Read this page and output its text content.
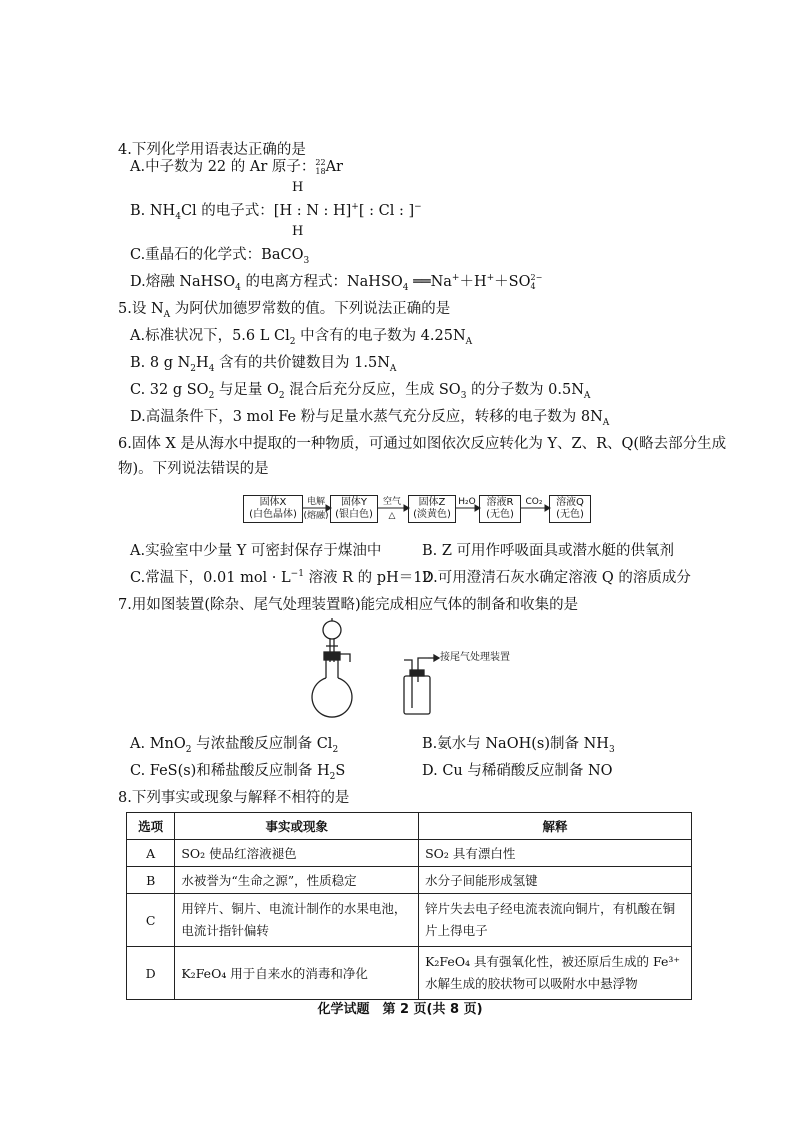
4.下列化学用语表达正确的是
A.中子数为 22 的 Ar 原子：22
18Ar
H
B. $NH_4Cl$ 的电子式：[H : N : H]+[ : Cl : ]−
H
C.重晶石的化学式：BaCO$_3$
D.熔融 NaHSO$_4$ 的电离方程式：NaHSO$_4$ ══Na+＋H+＋SO2−
4
5.设 $N_A$ 为阿伏加德罗常数的值。下列说法正确的是
A.标准状况下，5.6 L $Cl_2$ 中含有的电子数为 $4.25N_A$
B. 8 g $N_2H_4$ 含有的共价键数目为 $1.5N_A$
C. 32 g $SO_2$ 与足量 $O_2$ 混合后充分反应，生成 $SO_3$ 的分子数为 $0.5N_A$
D.高温条件下，3 mol Fe 粉与足量水蒸气充分反应，转移的电子数为 $8N_A$
6.固体 X 是从海水中提取的一种物质，可通过如图依次反应转化为 Y、Z、R、Q(略去部分生成
物)。下列说法错误的是
固体X
(白色晶体)
固体Y
(银白色)
固体Z
(淡黄色)
溶液R
(无色)
溶液Q
(无色)
电解
(熔融)
空气
△
H₂O	CO₂
A.实验室中少量 Y 可密封保存于煤油中	B. Z 可用作呼吸面具或潜水艇的供氧剂
C.常温下，0.01 mol · $L^{-1}$ 溶液 R 的 pH＝12
D.可用澄清石灰水确定溶液 Q 的溶质成分
7.用如图装置(除杂、尾气处理装置略)能完成相应气体的制备和收集的是
接尾气处理装置
A. MnO$_2$ 与浓盐酸反应制备 $Cl_2$	B.氨水与 NaOH(s)制备 $NH_3$
C. FeS(s)和稀盐酸反应制备 $H_2S$	D. Cu 与稀硝酸反应制备 NO
8.下列事实或现象与解释不相符的是
选项	事实或现象	解释
A	SO₂ 使品红溶液褪色	SO₂ 具有漂白性
B	水被誉为“生命之源”，性质稳定	水分子间能形成氢键
C	用锌片、铜片、电流计制作的水果电池，电流计指针偏转	锌片失去电子经电流表流向铜片，有机酸在铜片上得电子
D	K₂FeO₄ 用于自来水的消毒和净化	K₂FeO₄ 具有强氧化性，被还原后生成的 Fe³⁺ 水解生成的胶状物可以吸附水中悬浮物
化学试题　第 2 页(共 8 页)
